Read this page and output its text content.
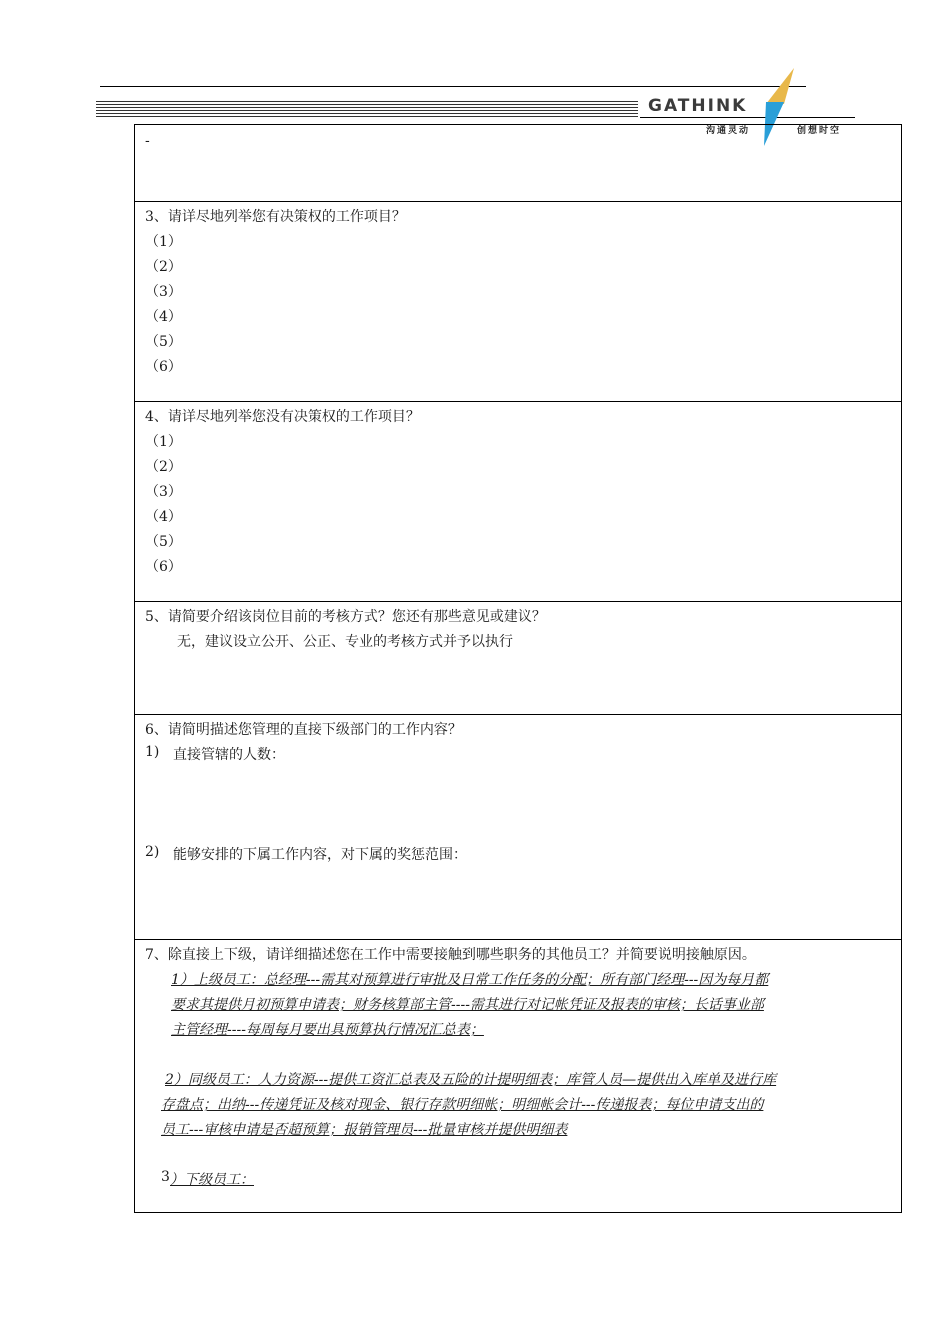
GATHINK
沟通灵动	创想时空
-
3、请详尽地列举您有决策权的工作项目？
（1）
（2）
（3）
（4）
（5）
（6）
4、请详尽地列举您没有决策权的工作项目？
（1）
（2）
（3）
（4）
（5）
（6）
5、请简要介绍该岗位目前的考核方式？您还有那些意见或建议？
无，建议设立公开、公正、专业的考核方式并予以执行
6、请简明描述您管理的直接下级部门的工作内容？
1) 直接管辖的人数：
2) 能够安排的下属工作内容，对下属的奖惩范围：
7、除直接上下级，请详细描述您在工作中需要接触到哪些职务的其他员工？并简要说明接触原因。
1）上级员工：总经理---需其对预算进行审批及日常工作任务的分配；所有部门经理---因为每月都
要求其提供月初预算申请表；财务核算部主管----需其进行对记帐凭证及报表的审核；长话事业部
主管经理----每周每月要出具预算执行情况汇总表；
2）同级员工：人力资源---提供工资汇总表及五险的计提明细表；库管人员—提供出入库单及进行库
存盘点；出纳---传递凭证及核对现金、银行存款明细帐；明细帐会计---传递报表；每位申请支出的
员工---审核申请是否超预算；报销管理员---批量审核并提供明细表
3 ）下级员工：
